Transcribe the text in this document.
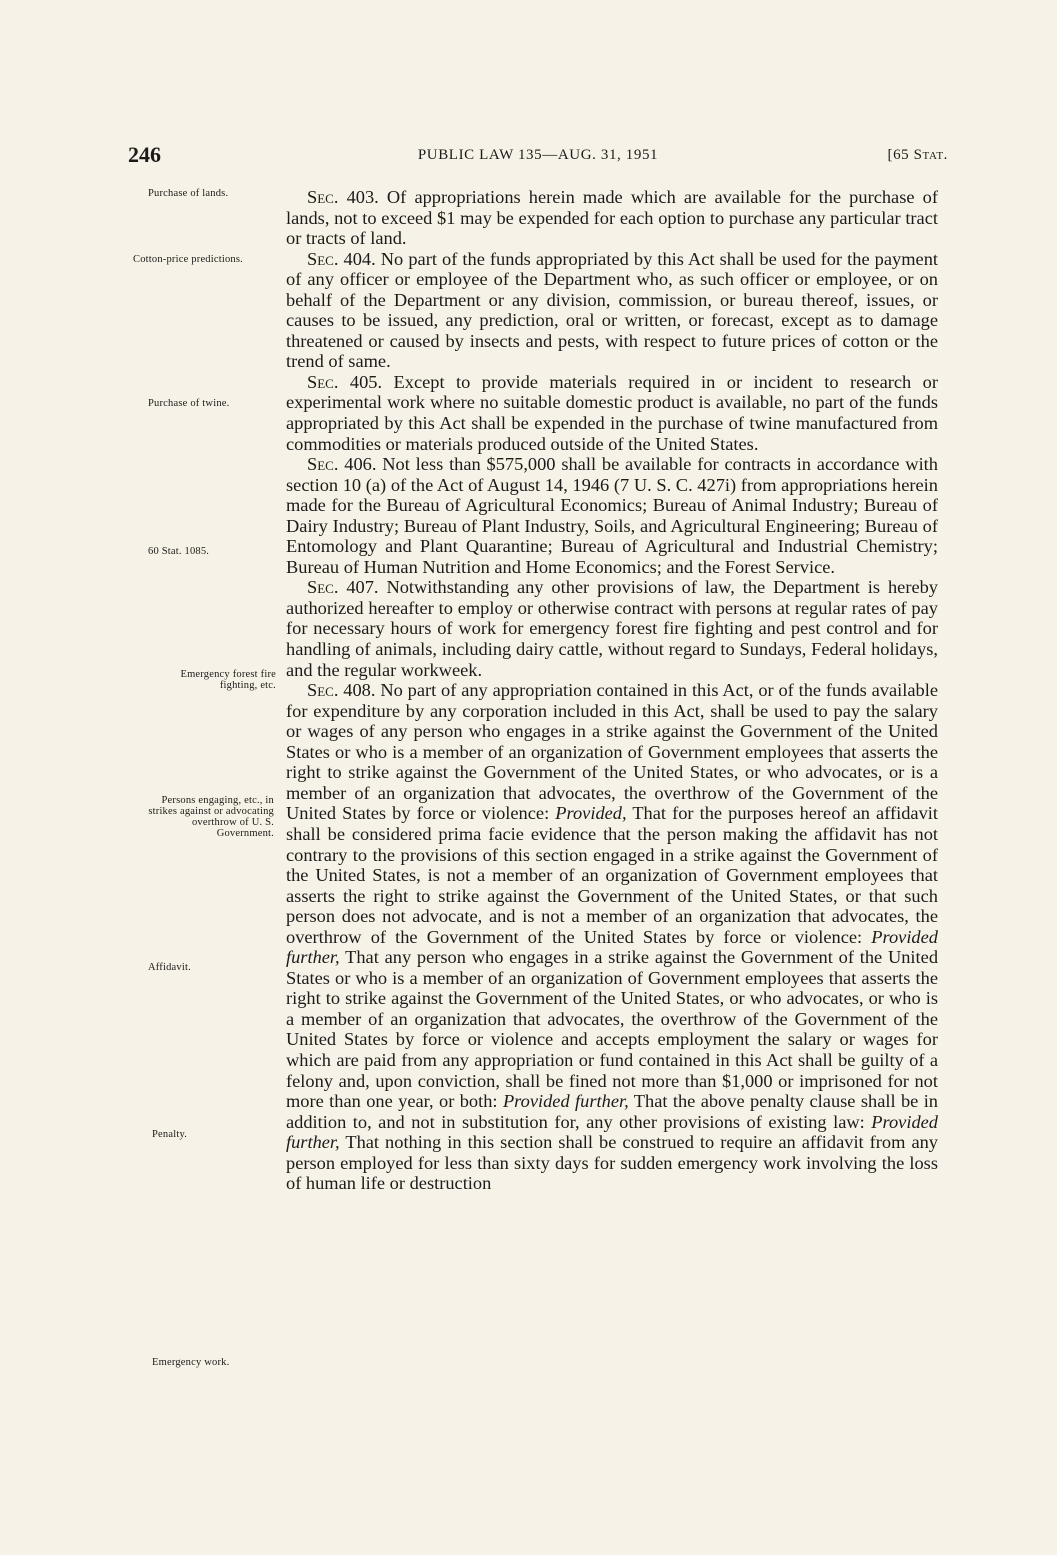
246	PUBLIC LAW 135—AUG. 31, 1951	[65 Stat.
Purchase of lands.
Cotton-price predictions.
Purchase of twine.
60 Stat. 1085.
Emergency forest fire fighting, etc.
Persons engaging, etc., in strikes against or advocating overthrow of U. S. Government.
Affidavit.
Penalty.
Emergency work.

Sec. 403. Of appropriations herein made which are available for the purchase of lands, not to exceed $1 may be expended for each option to purchase any particular tract or tracts of land.

Sec. 404. No part of the funds appropriated by this Act shall be used for the payment of any officer or employee of the Department who, as such officer or employee, or on behalf of the Department or any division, commission, or bureau thereof, issues, or causes to be issued, any prediction, oral or written, or forecast, except as to damage threatened or caused by insects and pests, with respect to future prices of cotton or the trend of same.

Sec. 405. Except to provide materials required in or incident to research or experimental work where no suitable domestic product is available, no part of the funds appropriated by this Act shall be expended in the purchase of twine manufactured from commodities or materials produced outside of the United States.

Sec. 406. Not less than $575,000 shall be available for contracts in accordance with section 10 (a) of the Act of August 14, 1946 (7 U. S. C. 427i) from appropriations herein made for the Bureau of Agricultural Economics; Bureau of Animal Industry; Bureau of Dairy Industry; Bureau of Plant Industry, Soils, and Agricultural Engineering; Bureau of Entomology and Plant Quarantine; Bureau of Agricultural and Industrial Chemistry; Bureau of Human Nutrition and Home Economics; and the Forest Service.

Sec. 407. Notwithstanding any other provisions of law, the Department is hereby authorized hereafter to employ or otherwise contract with persons at regular rates of pay for necessary hours of work for emergency forest fire fighting and pest control and for handling of animals, including dairy cattle, without regard to Sundays, Federal holidays, and the regular workweek.

Sec. 408. No part of any appropriation contained in this Act, or of the funds available for expenditure by any corporation included in this Act, shall be used to pay the salary or wages of any person who engages in a strike against the Government of the United States or who is a member of an organization of Government employees that asserts the right to strike against the Government of the United States, or who advocates, or is a member of an organization that advocates, the overthrow of the Government of the United States by force or violence: Provided, That for the purposes hereof an affidavit shall be considered prima facie evidence that the person making the affidavit has not contrary to the provisions of this section engaged in a strike against the Government of the United States, is not a member of an organization of Government employees that asserts the right to strike against the Government of the United States, or that such person does not advocate, and is not a member of an organization that advocates, the overthrow of the Government of the United States by force or violence: Provided further, That any person who engages in a strike against the Government of the United States or who is a member of an organization of Government employees that asserts the right to strike against the Government of the United States, or who advocates, or who is a member of an organization that advocates, the overthrow of the Government of the United States by force or violence and accepts employment the salary or wages for which are paid from any appropriation or fund contained in this Act shall be guilty of a felony and, upon conviction, shall be fined not more than $1,000 or imprisoned for not more than one year, or both: Provided further, That the above penalty clause shall be in addition to, and not in substitution for, any other provisions of existing law: Provided further, That nothing in this section shall be construed to require an affidavit from any person employed for less than sixty days for sudden emergency work involving the loss of human life or destruction
